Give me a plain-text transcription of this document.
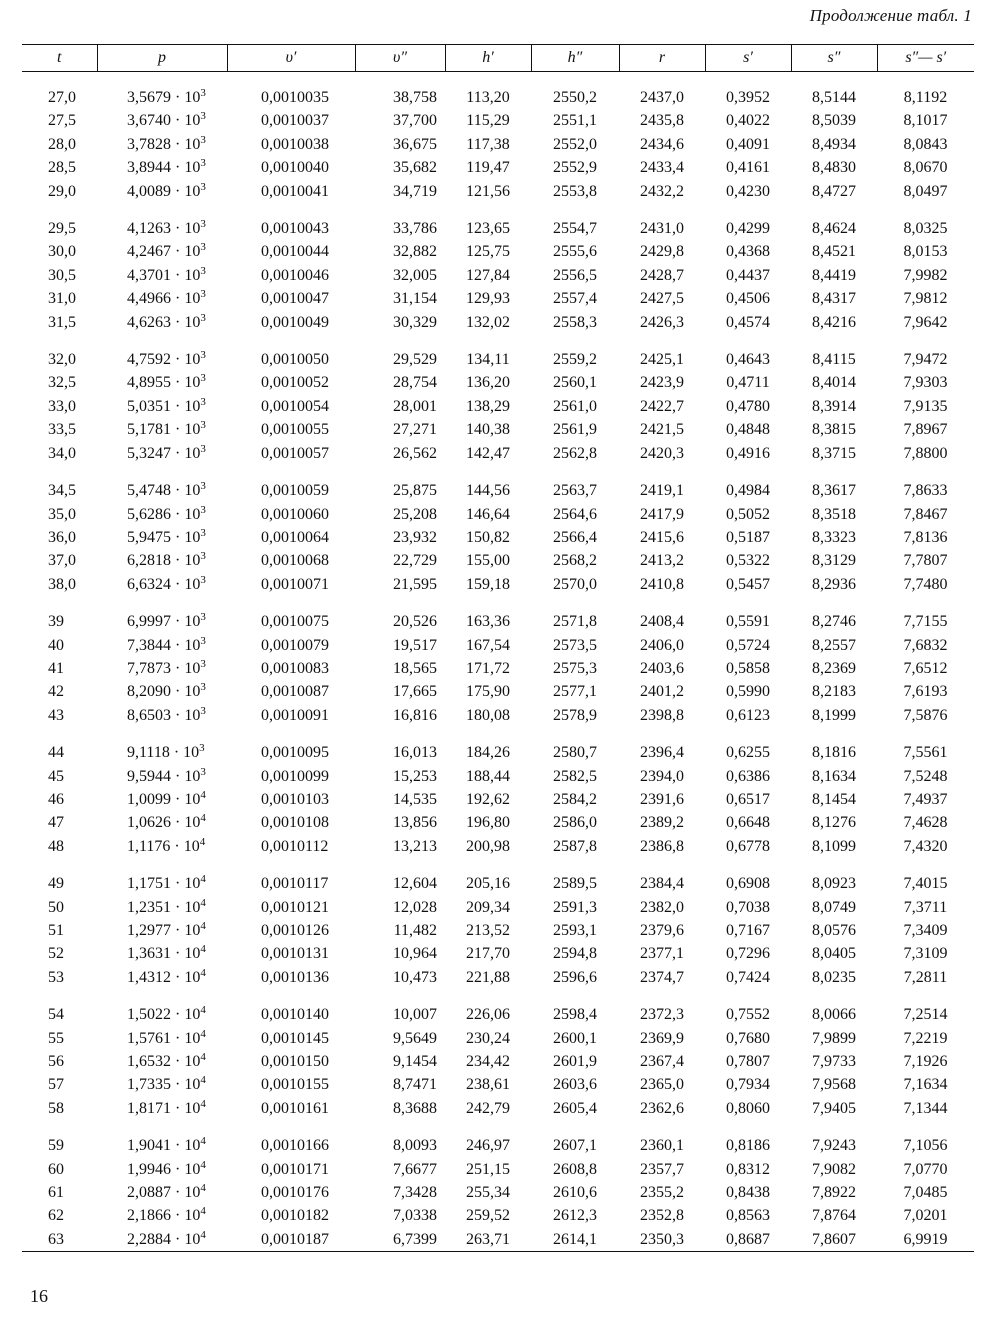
Продолжение табл. 1
t	p	υ′	υ″	h′	h″	r	s′	s″	s″— s′
27,0	$3,5679 \cdot 10^3$	0,0010035	38,758	113,20	2550,2	2437,0	0,3952	8,5144	8,1192
27,5	$3,6740 \cdot 10^3$	0,0010037	37,700	115,29	2551,1	2435,8	0,4022	8,5039	8,1017
28,0	$3,7828 \cdot 10^3$	0,0010038	36,675	117,38	2552,0	2434,6	0,4091	8,4934	8,0843
28,5	$3,8944 \cdot 10^3$	0,0010040	35,682	119,47	2552,9	2433,4	0,4161	8,4830	8,0670
29,0	$4,0089 \cdot 10^3$	0,0010041	34,719	121,56	2553,8	2432,2	0,4230	8,4727	8,0497

29,5	$4,1263 \cdot 10^3$	0,0010043	33,786	123,65	2554,7	2431,0	0,4299	8,4624	8,0325
30,0	$4,2467 \cdot 10^3$	0,0010044	32,882	125,75	2555,6	2429,8	0,4368	8,4521	8,0153
30,5	$4,3701 \cdot 10^3$	0,0010046	32,005	127,84	2556,5	2428,7	0,4437	8,4419	7,9982
31,0	$4,4966 \cdot 10^3$	0,0010047	31,154	129,93	2557,4	2427,5	0,4506	8,4317	7,9812
31,5	$4,6263 \cdot 10^3$	0,0010049	30,329	132,02	2558,3	2426,3	0,4574	8,4216	7,9642

32,0	$4,7592 \cdot 10^3$	0,0010050	29,529	134,11	2559,2	2425,1	0,4643	8,4115	7,9472
32,5	$4,8955 \cdot 10^3$	0,0010052	28,754	136,20	2560,1	2423,9	0,4711	8,4014	7,9303
33,0	$5,0351 \cdot 10^3$	0,0010054	28,001	138,29	2561,0	2422,7	0,4780	8,3914	7,9135
33,5	$5,1781 \cdot 10^3$	0,0010055	27,271	140,38	2561,9	2421,5	0,4848	8,3815	7,8967
34,0	$5,3247 \cdot 10^3$	0,0010057	26,562	142,47	2562,8	2420,3	0,4916	8,3715	7,8800

34,5	$5,4748 \cdot 10^3$	0,0010059	25,875	144,56	2563,7	2419,1	0,4984	8,3617	7,8633
35,0	$5,6286 \cdot 10^3$	0,0010060	25,208	146,64	2564,6	2417,9	0,5052	8,3518	7,8467
36,0	$5,9475 \cdot 10^3$	0,0010064	23,932	150,82	2566,4	2415,6	0,5187	8,3323	7,8136
37,0	$6,2818 \cdot 10^3$	0,0010068	22,729	155,00	2568,2	2413,2	0,5322	8,3129	7,7807
38,0	$6,6324 \cdot 10^3$	0,0010071	21,595	159,18	2570,0	2410,8	0,5457	8,2936	7,7480

39	$6,9997 \cdot 10^3$	0,0010075	20,526	163,36	2571,8	2408,4	0,5591	8,2746	7,7155
40	$7,3844 \cdot 10^3$	0,0010079	19,517	167,54	2573,5	2406,0	0,5724	8,2557	7,6832
41	$7,7873 \cdot 10^3$	0,0010083	18,565	171,72	2575,3	2403,6	0,5858	8,2369	7,6512
42	$8,2090 \cdot 10^3$	0,0010087	17,665	175,90	2577,1	2401,2	0,5990	8,2183	7,6193
43	$8,6503 \cdot 10^3$	0,0010091	16,816	180,08	2578,9	2398,8	0,6123	8,1999	7,5876

44	$9,1118 \cdot 10^3$	0,0010095	16,013	184,26	2580,7	2396,4	0,6255	8,1816	7,5561
45	$9,5944 \cdot 10^3$	0,0010099	15,253	188,44	2582,5	2394,0	0,6386	8,1634	7,5248
46	$1,0099 \cdot 10^4$	0,0010103	14,535	192,62	2584,2	2391,6	0,6517	8,1454	7,4937
47	$1,0626 \cdot 10^4$	0,0010108	13,856	196,80	2586,0	2389,2	0,6648	8,1276	7,4628
48	$1,1176 \cdot 10^4$	0,0010112	13,213	200,98	2587,8	2386,8	0,6778	8,1099	7,4320

49	$1,1751 \cdot 10^4$	0,0010117	12,604	205,16	2589,5	2384,4	0,6908	8,0923	7,4015
50	$1,2351 \cdot 10^4$	0,0010121	12,028	209,34	2591,3	2382,0	0,7038	8,0749	7,3711
51	$1,2977 \cdot 10^4$	0,0010126	11,482	213,52	2593,1	2379,6	0,7167	8,0576	7,3409
52	$1,3631 \cdot 10^4$	0,0010131	10,964	217,70	2594,8	2377,1	0,7296	8,0405	7,3109
53	$1,4312 \cdot 10^4$	0,0010136	10,473	221,88	2596,6	2374,7	0,7424	8,0235	7,2811

54	$1,5022 \cdot 10^4$	0,0010140	10,007	226,06	2598,4	2372,3	0,7552	8,0066	7,2514
55	$1,5761 \cdot 10^4$	0,0010145	9,5649	230,24	2600,1	2369,9	0,7680	7,9899	7,2219
56	$1,6532 \cdot 10^4$	0,0010150	9,1454	234,42	2601,9	2367,4	0,7807	7,9733	7,1926
57	$1,7335 \cdot 10^4$	0,0010155	8,7471	238,61	2603,6	2365,0	0,7934	7,9568	7,1634
58	$1,8171 \cdot 10^4$	0,0010161	8,3688	242,79	2605,4	2362,6	0,8060	7,9405	7,1344

59	$1,9041 \cdot 10^4$	0,0010166	8,0093	246,97	2607,1	2360,1	0,8186	7,9243	7,1056
60	$1,9946 \cdot 10^4$	0,0010171	7,6677	251,15	2608,8	2357,7	0,8312	7,9082	7,0770
61	$2,0887 \cdot 10^4$	0,0010176	7,3428	255,34	2610,6	2355,2	0,8438	7,8922	7,0485
62	$2,1866 \cdot 10^4$	0,0010182	7,0338	259,52	2612,3	2352,8	0,8563	7,8764	7,0201
63	$2,2884 \cdot 10^4$	0,0010187	6,7399	263,71	2614,1	2350,3	0,8687	7,8607	6,9919
16
